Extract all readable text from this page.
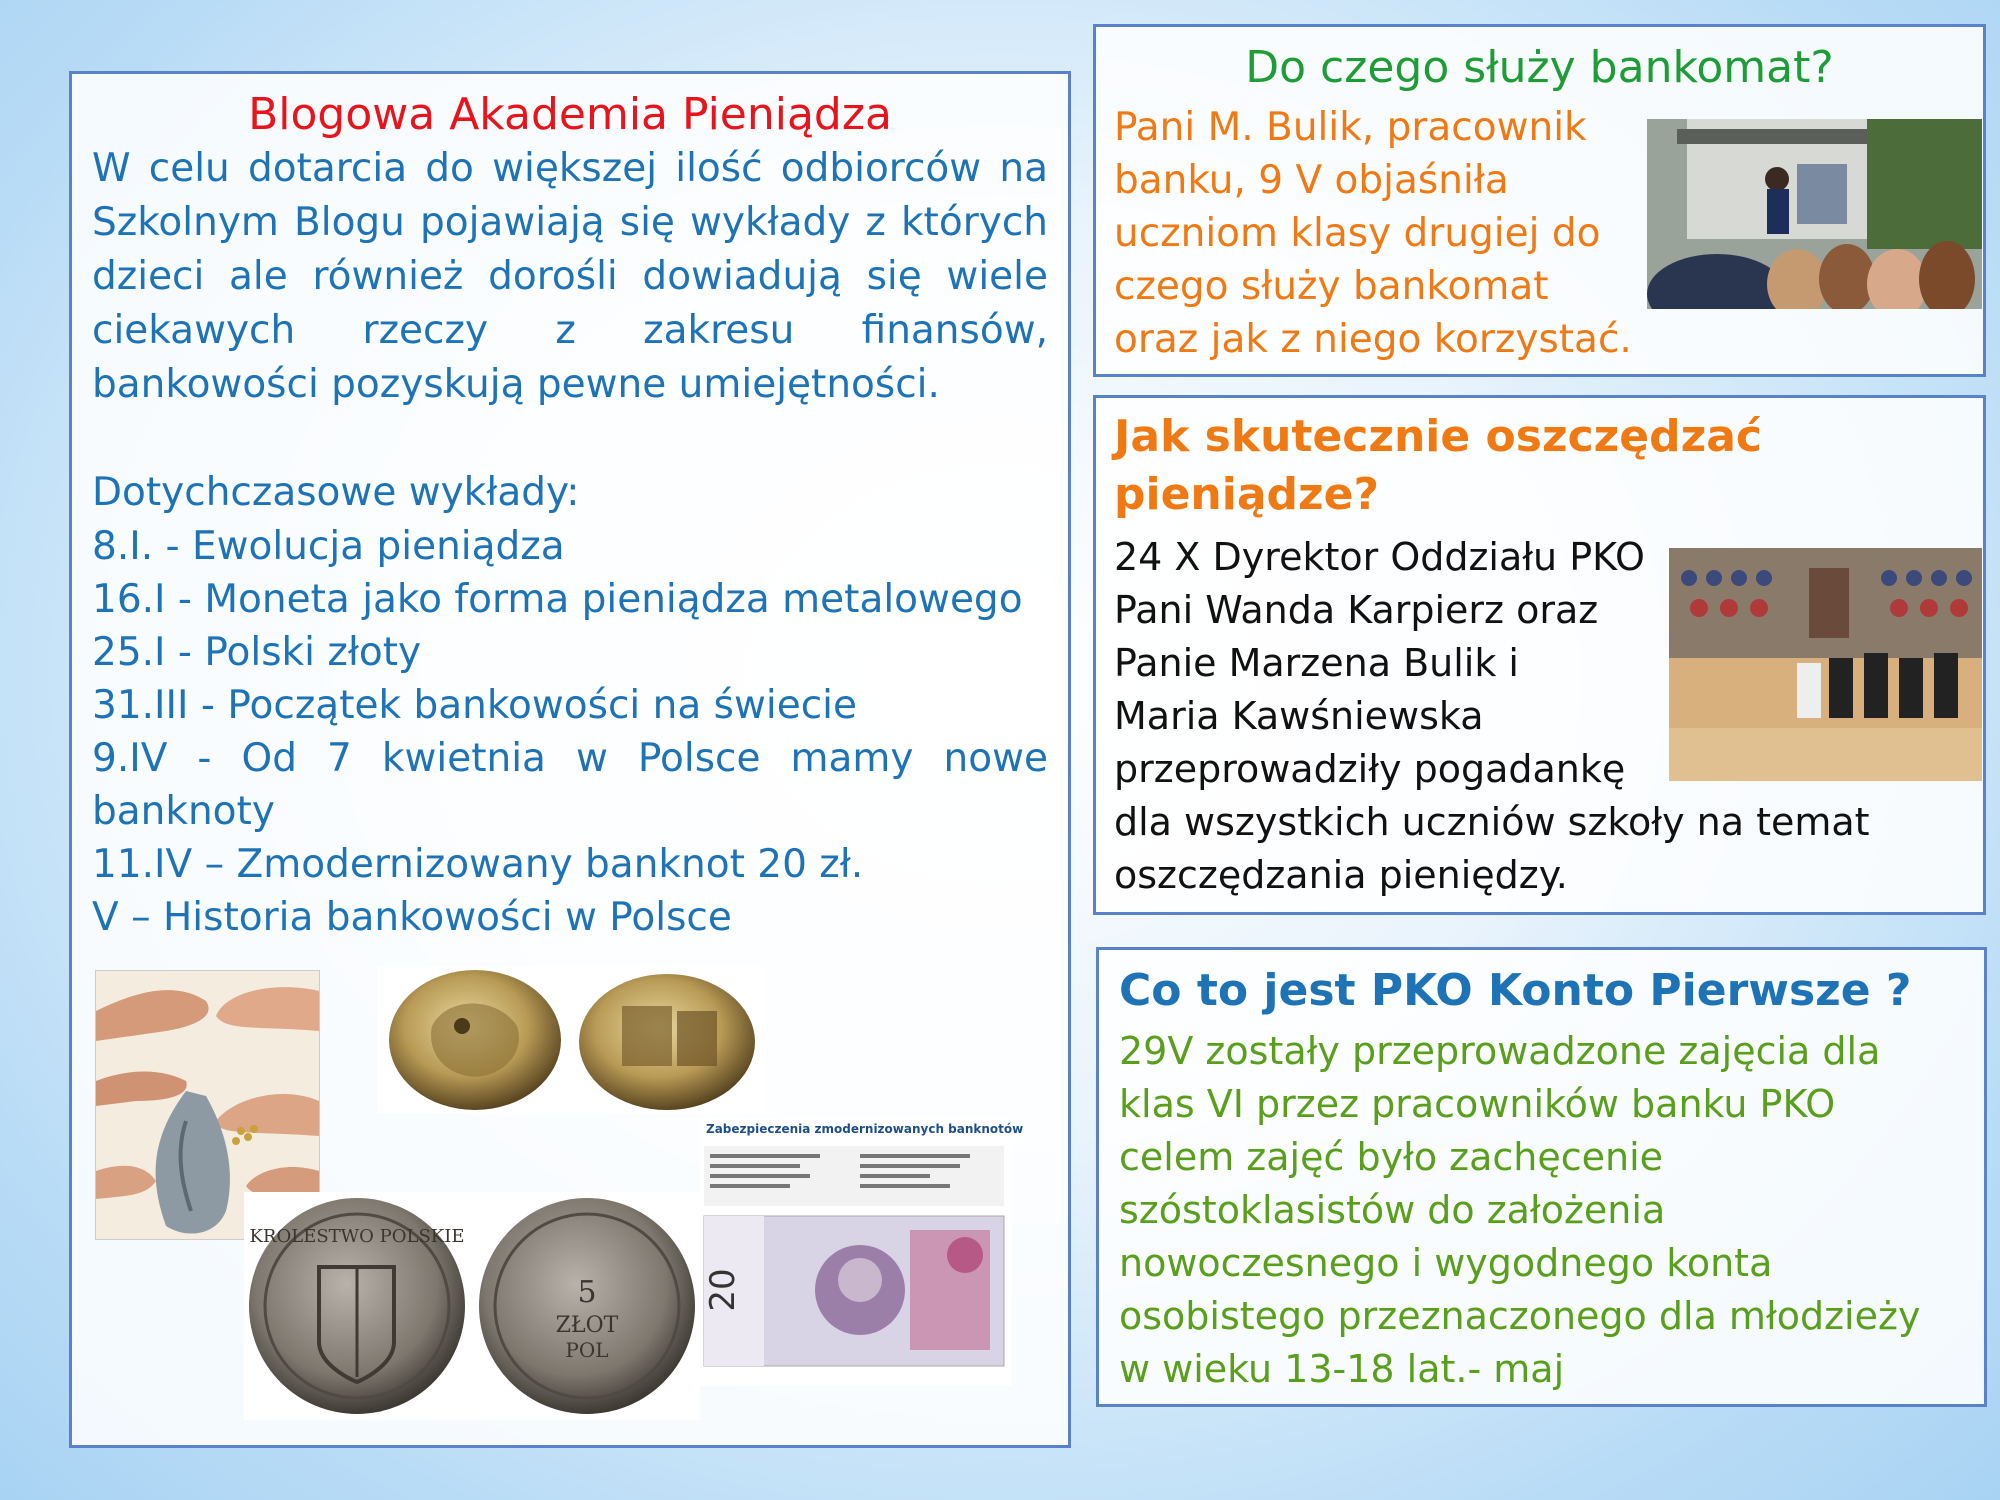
Blogowa Akademia Pieniądza

W celu dotarcia do większej ilość odbiorców na Szkolnym Blogu pojawiają się wykłady z których dzieci ale również dorośli dowiadują się wiele ciekawych rzeczy z zakresu finansów, bankowości pozyskują pewne umiejętności.

Dotychczasowe wykłady:
8.I. - Ewolucja pieniądza
16.I - Moneta jako forma pieniądza metalowego
25.I - Polski złoty
31.III - Początek bankowości na świecie
9.IV - Od 7 kwietnia w Polsce mamy nowe
banknoty
11.IV – Zmodernizowany banknot 20 zł.
V – Historia bankowości w Polsce
KROLESTWO POLSKIE
5
ZŁOT
POL
Zabezpieczenia zmodernizowanych banknotów
20
Do czego służy bankomat?
Pani M. Bulik, pracownik
banku, 9 V objaśniła
uczniom klasy drugiej do
czego służy bankomat
oraz jak z niego korzystać.
Jak skutecznie oszczędzać pieniądze?
24 X Dyrektor Oddziału PKO
Pani Wanda Karpierz oraz
Panie Marzena Bulik i
Maria Kawśniewska
przeprowadziły pogadankę
dla wszystkich uczniów szkoły na temat
oszczędzania pieniędzy.
Co to jest PKO Konto Pierwsze ?
29V zostały przeprowadzone zajęcia dla
klas VI przez pracowników banku PKO
celem zajęć było zachęcenie
szóstoklasistów do założenia
nowoczesnego i wygodnego konta
osobistego przeznaczonego dla młodzieży
w wieku 13-18 lat.- maj
